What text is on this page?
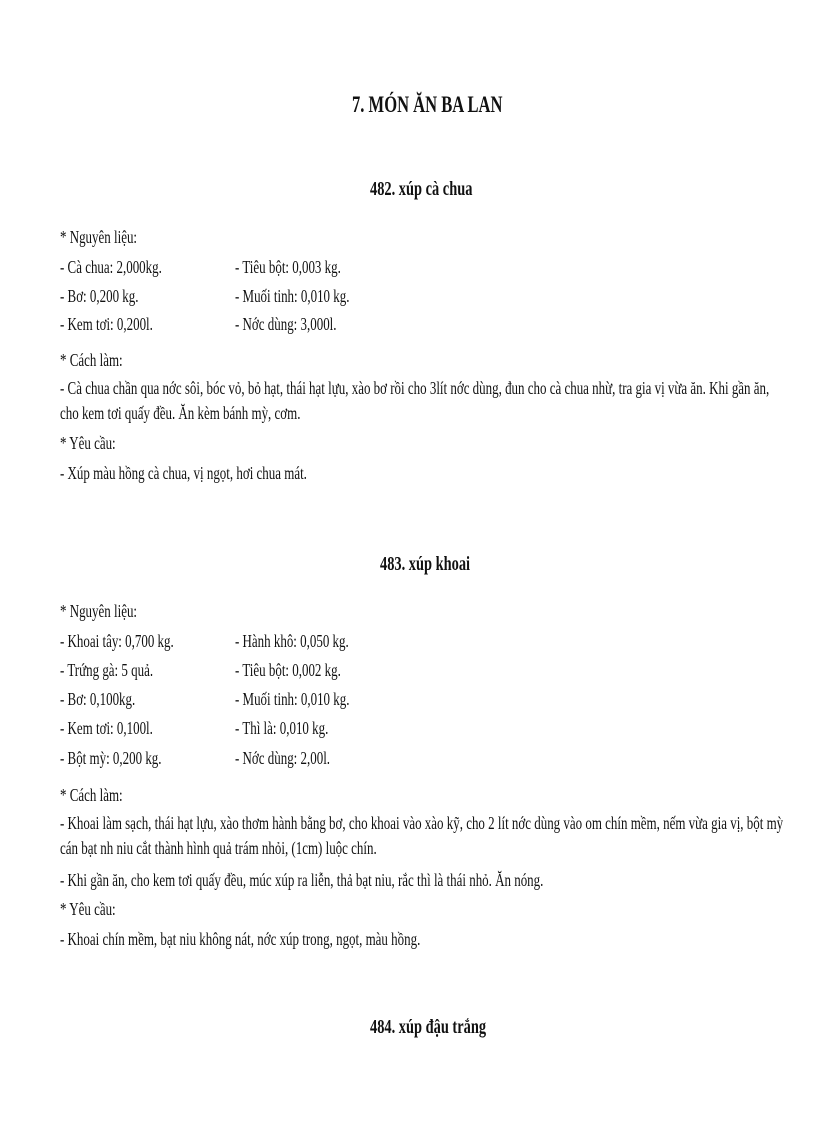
7. MÓN ĂN BA LAN
482. xúp cà chua
* Nguyên liệu:
- Cà chua: 2,000kg.	- Tiêu bột: 0,003 kg.
- Bơ: 0,200 kg.	- Muối tinh: 0,010 kg.
- Kem tơi: 0,200l.	- Nớc dùng: 3,000l.
* Cách làm:
- Cà chua chần qua nớc sôi, bóc vỏ, bỏ hạt, thái hạt lựu, xào bơ rồi cho 3lít nớc dùng, đun cho cà chua nhừ, tra gia vị vừa ăn. Khi gần ăn, cho kem tơi quấy đều. Ăn kèm bánh mỳ, cơm.
* Yêu cầu:
- Xúp màu hồng cà chua, vị ngọt, hơi chua mát.
483. xúp khoai
* Nguyên liệu:
- Khoai tây: 0,700 kg.	- Hành khô: 0,050 kg.
- Trứng gà: 5 quả.	- Tiêu bột: 0,002 kg.
- Bơ: 0,100kg.	- Muối tinh: 0,010 kg.
- Kem tơi: 0,100l.	- Thì là: 0,010 kg.
- Bột mỳ: 0,200 kg.	- Nớc dùng: 2,00l.
* Cách làm:
- Khoai làm sạch, thái hạt lựu, xào thơm hành bằng bơ, cho khoai vào xào kỹ, cho 2 lít nớc dùng vào om chín mềm, nếm vừa gia vị, bột mỳ cán bạt nh niu cắt thành hình quả trám nhỏi, (1cm) luộc chín.
- Khi gần ăn, cho kem tơi quấy đều, múc xúp ra liễn, thả bạt niu, rắc thì là thái nhỏ. Ăn nóng.
* Yêu cầu:
- Khoai chín mềm, bạt niu không nát, nớc xúp trong, ngọt, màu hồng.
484. xúp đậu trắng
